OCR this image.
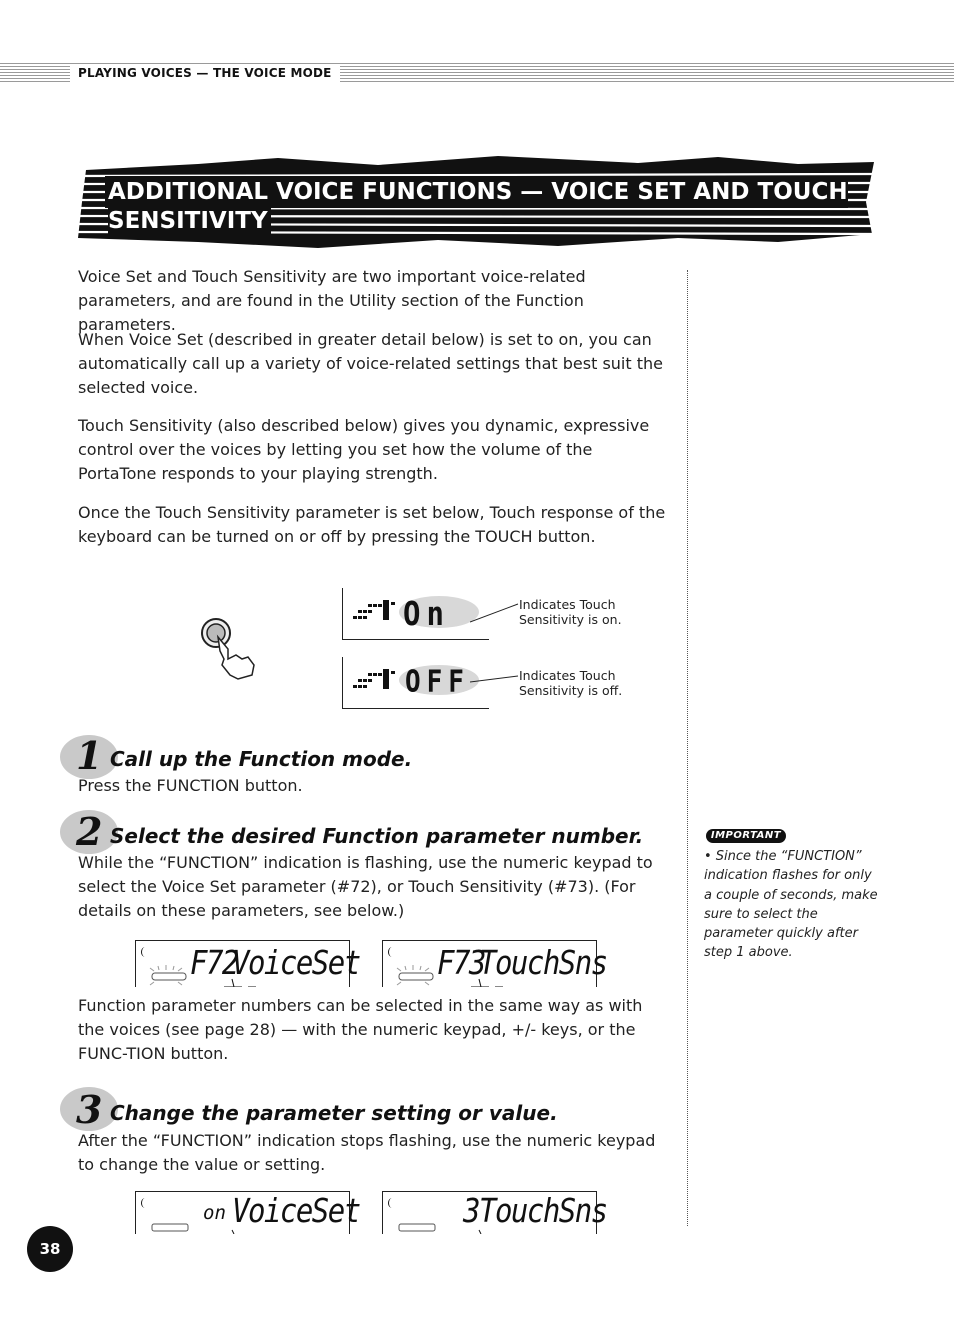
PLAYING VOICES — THE VOICE MODE
ADDITIONAL VOICE FUNCTIONS — VOICE SET AND TOUCH SENSITIVITY
Voice Set and Touch Sensitivity are two important voice-related parameters, and are found in the Utility section of the Function parameters.
When Voice Set (described in greater detail below) is set to on, you can automatically call up a variety of voice-related settings that best suit the selected voice.
Touch Sensitivity (also described below) gives you dynamic, expressive control over the voices by letting you set how the volume of the PortaTone responds to your playing strength.
Once the Touch Sensitivity parameter is set below, Touch response of the keyboard can be turned on or off by pressing the TOUCH button.
On	Indicates Touch Sensitivity is on.
OFF	Indicates Touch Sensitivity is off.
1 Call up the Function mode.
Press the FUNCTION button.
2 Select the desired Function parameter number.
While the “FUNCTION” indication is flashing, use the numeric keypad to select the Voice Set parameter (#72), or Touch Sensitivity (#73). (For details on these parameters, see below.)
F72
VoiceSet	F73
TouchSns
Function parameter numbers can be selected in the same way as with the voices (see page 28) — with the numeric keypad, +/- keys, or the FUNC-TION button.
3 Change the parameter setting or value.
After the “FUNCTION” indication stops flashing, use the numeric keypad to change the value or setting.
on VoiceSet	3 TouchSns
IMPORTANT
• Since the “FUNCTION” indication flashes for only a couple of seconds, make sure to select the parameter quickly after step 1 above.
38
